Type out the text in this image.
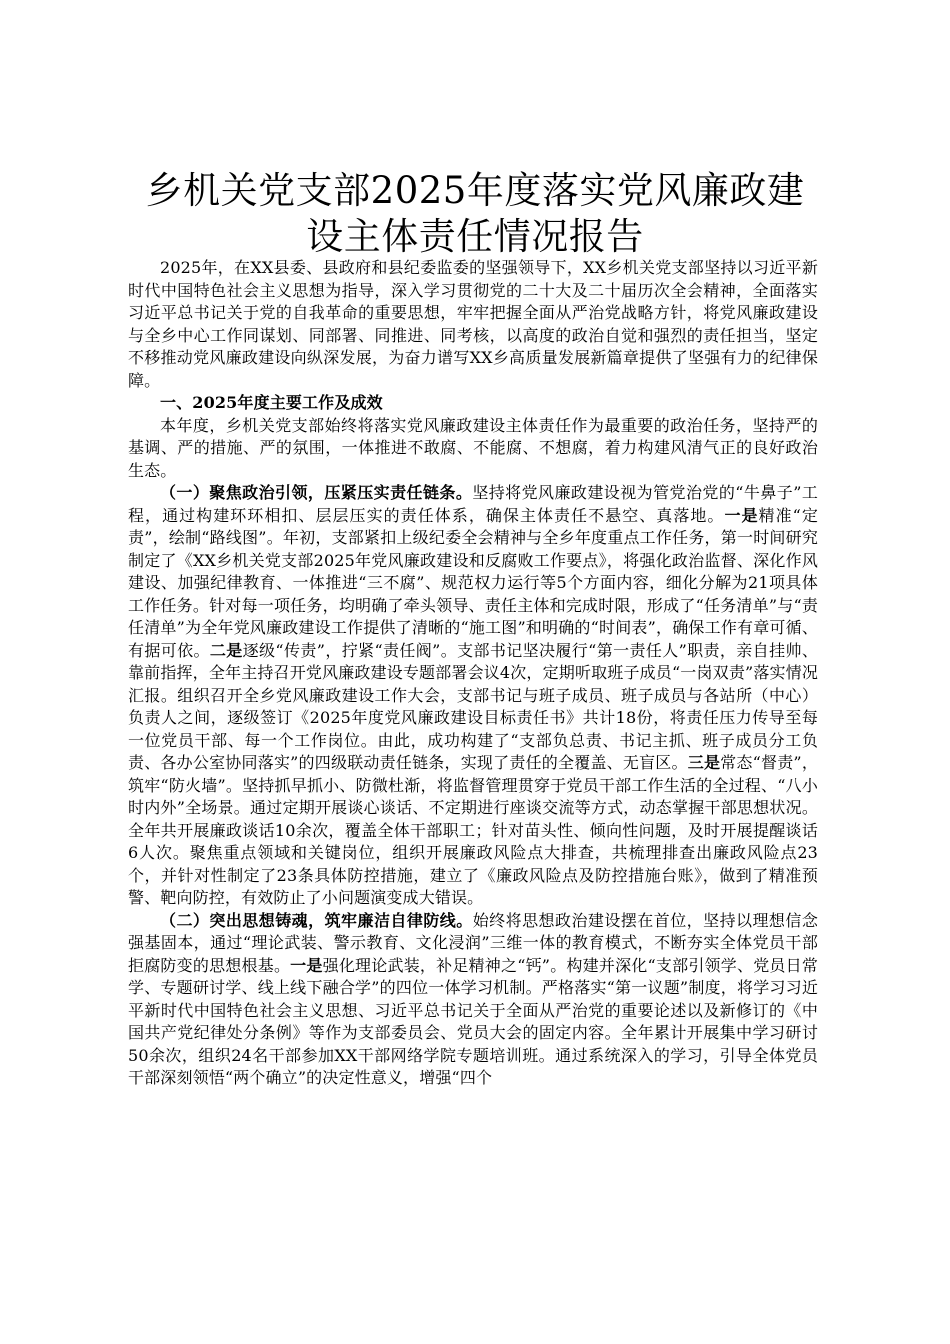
乡机关党支部2025年度落实党风廉政建设主体责任情况报告

2025年，在XX县委、县政府和县纪委监委的坚强领导下，XX乡机关党支部坚持以习近平新时代中国特色社会主义思想为指导，深入学习贯彻党的二十大及二十届历次全会精神，全面落实习近平总书记关于党的自我革命的重要思想，牢牢把握全面从严治党战略方针，将党风廉政建设与全乡中心工作同谋划、同部署、同推进、同考核，以高度的政治自觉和强烈的责任担当，坚定不移推动党风廉政建设向纵深发展，为奋力谱写XX乡高质量发展新篇章提供了坚强有力的纪律保障。

一、2025年度主要工作及成效

本年度，乡机关党支部始终将落实党风廉政建设主体责任作为最重要的政治任务，坚持严的基调、严的措施、严的氛围，一体推进不敢腐、不能腐、不想腐，着力构建风清气正的良好政治生态。

（一）聚焦政治引领，压紧压实责任链条。坚持将党风廉政建设视为管党治党的“牛鼻子”工程，通过构建环环相扣、层层压实的责任体系，确保主体责任不悬空、真落地。一是精准“定责”，绘制“路线图”。年初，支部紧扣上级纪委全会精神与全乡年度重点工作任务，第一时间研究制定了《XX乡机关党支部2025年党风廉政建设和反腐败工作要点》，将强化政治监督、深化作风建设、加强纪律教育、一体推进“三不腐”、规范权力运行等5个方面内容，细化分解为21项具体工作任务。针对每一项任务，均明确了牵头领导、责任主体和完成时限，形成了“任务清单”与“责任清单”为全年党风廉政建设工作提供了清晰的“施工图”和明确的“时间表”，确保工作有章可循、有据可依。二是逐级“传责”，拧紧“责任阀”。支部书记坚决履行“第一责任人”职责，亲自挂帅、靠前指挥，全年主持召开党风廉政建设专题部署会议4次，定期听取班子成员“一岗双责”落实情况汇报。组织召开全乡党风廉政建设工作大会，支部书记与班子成员、班子成员与各站所（中心）负责人之间，逐级签订《2025年度党风廉政建设目标责任书》共计18份，将责任压力传导至每一位党员干部、每一个工作岗位。由此，成功构建了“支部负总责、书记主抓、班子成员分工负责、各办公室协同落实”的四级联动责任链条，实现了责任的全覆盖、无盲区。三是常态“督责”，筑牢“防火墙”。坚持抓早抓小、防微杜渐，将监督管理贯穿于党员干部工作生活的全过程、“八小时内外”全场景。通过定期开展谈心谈话、不定期进行座谈交流等方式，动态掌握干部思想状况。全年共开展廉政谈话10余次，覆盖全体干部职工；针对苗头性、倾向性问题，及时开展提醒谈话6人次。聚焦重点领域和关键岗位，组织开展廉政风险点大排查，共梳理排查出廉政风险点23个，并针对性制定了23条具体防控措施，建立了《廉政风险点及防控措施台账》，做到了精准预警、靶向防控，有效防止了小问题演变成大错误。

（二）突出思想铸魂，筑牢廉洁自律防线。始终将思想政治建设摆在首位，坚持以理想信念强基固本，通过“理论武装、警示教育、文化浸润”三维一体的教育模式，不断夯实全体党员干部拒腐防变的思想根基。一是强化理论武装，补足精神之“钙”。构建并深化“支部引领学、党员日常学、专题研讨学、线上线下融合学”的四位一体学习机制。严格落实“第一议题”制度，将学习习近平新时代中国特色社会主义思想、习近平总书记关于全面从严治党的重要论述以及新修订的《中国共产党纪律处分条例》等作为支部委员会、党员大会的固定内容。全年累计开展集中学习研讨50余次，组织24名干部参加XX干部网络学院专题培训班。通过系统深入的学习，引导全体党员干部深刻领悟“两个确立”的决定性意义，增强“四个
